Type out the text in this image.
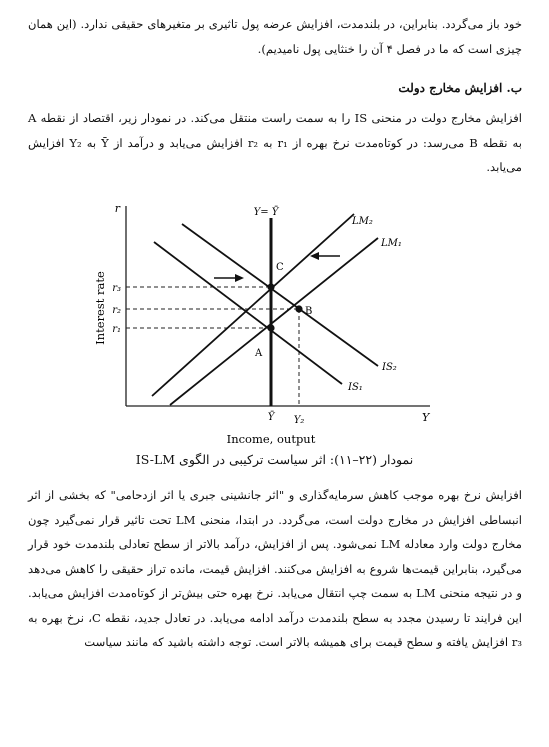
خود باز می‌گردد. بنابراین، در بلندمدت، افزایش عرضه پول تاثیری بر متغیرهای حقیقی ندارد. (این همان چیزی است که ما در فصل ۴ آن را خنثایی پول نامیدیم).
ب. افزایش مخارج دولت
افزایش مخارج دولت در منحنی IS را به سمت راست منتقل می‌کند. در نمودار زیر، اقتصاد از نقطه A به نقطه B می‌رسد: در کوتاه‌مدت نرخ بهره از r₁ به r₂ افزایش می‌یابد و درآمد از Ȳ به Y₂ افزایش می‌یابد.
r
Y
Y= Ȳ
LM₂
LM₁
IS₂
IS₁
A
B
C
r₃
r₂
r₁
Ȳ Y₂
Income, output
Interest rate
نمودار (۲۲–۱۱): اثر سیاست ترکیبی در الگوی IS-LM
افزایش نرخ بهره موجب کاهش سرمایه‌گذاری و "اثر جانشینی جبری یا اثر ازدحامی" که بخشی از اثر انبساطی افزایش در مخارج دولت است، می‌گردد. در ابتدا، منحنی LM تحت تاثیر قرار نمی‌گیرد چون مخارج دولت وارد معادله LM نمی‌شود. پس از افزایش، درآمد بالاتر از سطح تعادلی بلندمدت خود قرار می‌گیرد، بنابراین قیمت‌ها شروع به افزایش می‌کنند. افزایش قیمت، مانده تراز حقیقی را کاهش می‌دهد و در نتیجه منحنی LM به سمت چپ انتقال می‌یابد. نرخ بهره حتی بیش‌تر از کوتاه‌مدت افزایش می‌یابد. این فرایند تا رسیدن مجدد به سطح بلندمدت درآمد ادامه می‌یابد. در تعادل جدید، نقطه C، نرخ بهره به r₃ افزایش یافته و سطح قیمت برای همیشه بالاتر است. توجه داشته باشید که مانند سیاست
